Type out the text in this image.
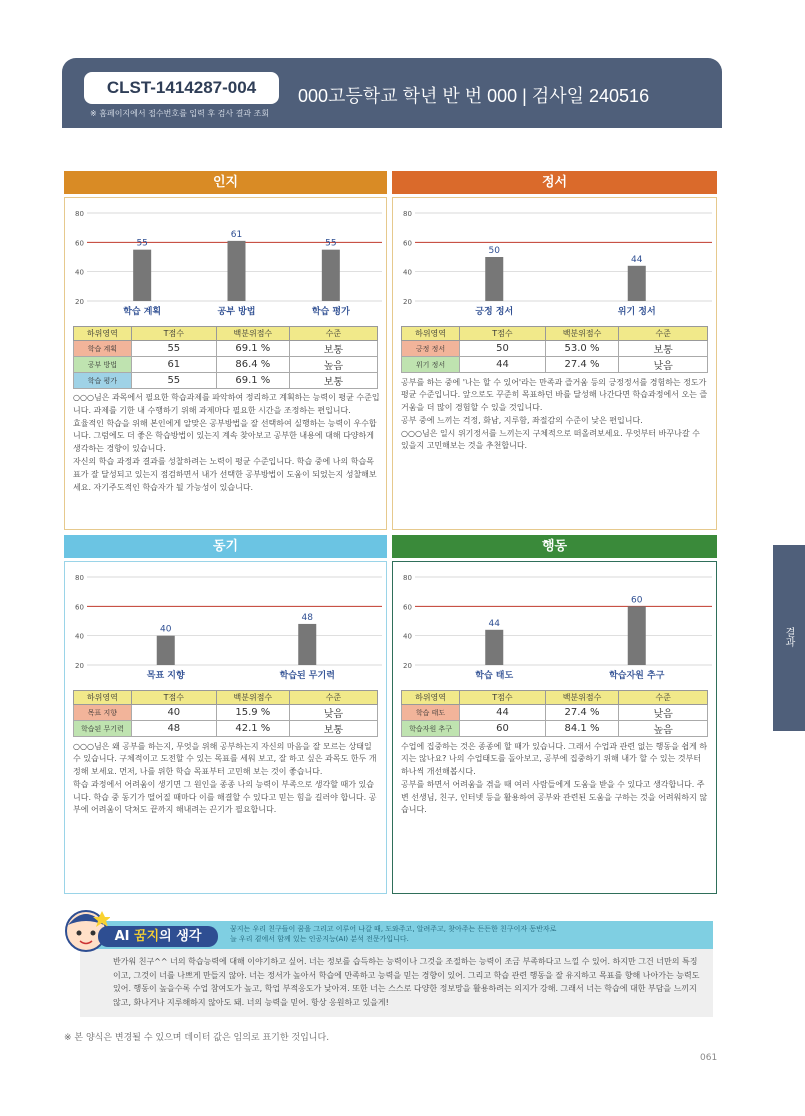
CLST-1414287-004
※ 홈페이지에서 접수번호를 입력 후 검사 결과 조회
000고등학교 학년 반 번 000 | 검사일 240516
인지
20
40
60
80
55
학습 계획
61
공부 방법
55
학습 평가
하위영역	T점수	백분위점수	수준
학습 계획	55	69.1 %	보통
공부 방법	61	86.4 %	높음
학습 평가	55	69.1 %	보통

○○○님은 과목에서 필요한 학습과제를 파악하여 정리하고 계획하는 능력이 평균 수준입니다. 과제를 기한 내 수행하기 위해 과제마다 필요한 시간을 조정하는 편입니다.

효율적인 학습을 위해 본인에게 알맞은 공부방법을 잘 선택하여 실행하는 능력이 우수합니다. 그럼에도 더 좋은 학습방법이 있는지 계속 찾아보고 공부한 내용에 대해 다양하게 생각하는 경향이 있습니다.

자신의 학습 과정과 결과를 성찰하려는 노력이 평균 수준입니다. 학습 중에 나의 학습목표가 잘 달성되고 있는지 점검하면서 내가 선택한 공부방법이 도움이 되었는지 성찰해보세요. 자기주도적인 학습자가 될 가능성이 있습니다.

정서
20
40
60
80
50
긍정 정서
44
위기 정서
하위영역	T점수	백분위점수	수준
긍정 정서	50	53.0 %	보통
위기 정서	44	27.4 %	낮음

공부를 하는 중에 '나는 할 수 있어'라는 만족과 즐거움 등의 긍정정서를 경험하는 정도가 평균 수준입니다. 앞으로도 꾸준히 목표하던 바를 달성해 나간다면 학습과정에서 오는 즐거움을 더 많이 경험할 수 있을 것입니다.

공부 중에 느끼는 걱정, 화남, 지루함, 좌절감의 수준이 낮은 편입니다.

○○○님은 일시 위기정서를 느끼는지 구체적으로 떠올려보세요. 무엇부터 바꾸나갈 수 있을지 고민해보는 것을 추천합니다.

동기
20
40
60
80
40
목표 지향
48
학습된 무기력
하위영역	T점수	백분위점수	수준
목표 지향	40	15.9 %	낮음
학습된 무기력	48	42.1 %	보통

○○○님은 왜 공부를 하는지, 무엇을 위해 공부하는지 자신의 마음을 잘 모르는 상태일 수 있습니다. 구체적이고 도전할 수 있는 목표를 세워 보고, 잘 하고 싶은 과목도 한두 개 정해 보세요. 먼저, 나를 위한 학습 목표부터 고민해 보는 것이 좋습니다.

학습 과정에서 어려움이 생기면 그 원인을 종종 나의 능력이 부족으로 생각할 때가 있습니다. 학습 중 동기가 떨어질 때마다 이를 해결할 수 있다고 믿는 힘을 길러야 합니다. 공부에 어려움이 닥쳐도 끝까지 해내려는 끈기가 필요합니다.

행동
20
40
60
80
44
학습 태도
60
학습자원 추구
하위영역	T점수	백분위점수	수준
학습 태도	44	27.4 %	낮음
학습자원 추구	60	84.1 %	높음

수업에 집중하는 것은 종종에 할 때가 있습니다. 그래서 수업과 관련 없는 행동을 쉽게 하지는 않나요? 나의 수업태도를 돌아보고, 공부에 집중하기 위해 내가 할 수 있는 것부터 하나씩 개선해봅시다.

공부를 하면서 어려움을 겪을 때 여러 사람들에게 도움을 받을 수 있다고 생각합니다. 주변 선생님, 친구, 인터넷 등을 활용하여 공부와 관련된 도움을 구하는 것을 어려워하지 않습니다.

결과
AI 꿈지의 생각	꿈지는 우리 친구들이 꿈을 그리고 이루어 나갈 때, 도와주고, 알려주고, 찾아주는 든든한 친구이자 동반자로
늘 우리 곁에서 함께 있는 인공지능(AI) 분석 전문가입니다.
반가워 친구^^ 너의 학습능력에 대해 이야기하고 싶어. 너는 정보를 습득하는 능력이나 그것을 조절하는 능력이 조금 부족하다고 느낄 수 있어. 하지만 그건 너만의 특징이고, 그것이 너를 나쁘게 만들지 않아. 너는 정서가 높아서 학습에 만족하고 능력을 믿는 경향이 있어. 그리고 학습 관련 행동을 잘 유지하고 목표를 향해 나아가는 능력도 있어. 행동이 높을수록 수업 참여도가 높고, 학업 부적응도가 낮아져. 또한 너는 스스로 다양한 정보망을 활용하려는 의지가 강해. 그래서 너는 학습에 대한 부담을 느끼지 않고, 화나거나 지루해하지 않아도 돼. 너의 능력을 믿어. 항상 응원하고 있을게!
※ 본 양식은 변경될 수 있으며 데이터 값은 임의로 표기한 것입니다.
061
